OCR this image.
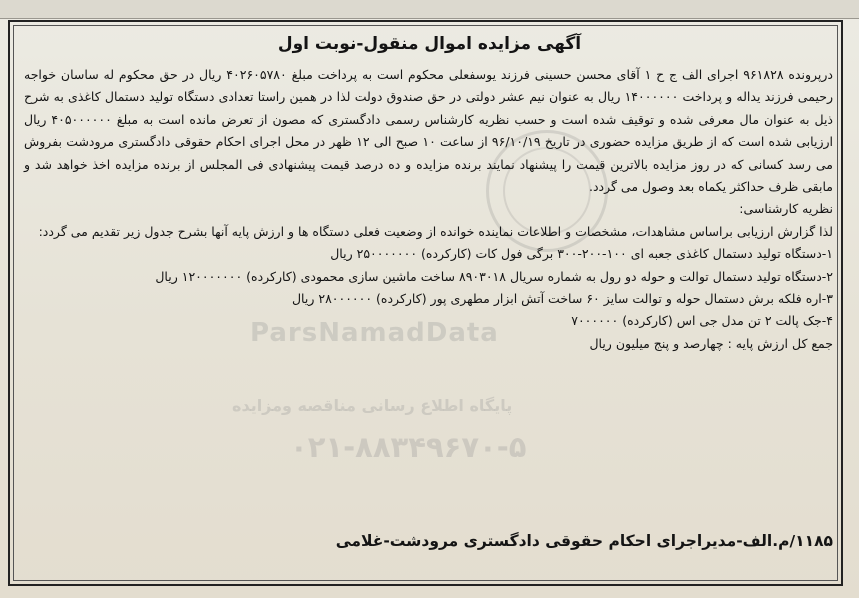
آگهی مزایده اموال منقول-نوبت اول

درپرونده ۹۶۱۸۲۸ اجرای الف ج ح ۱ آقای محسن حسینی فرزند یوسفعلی محکوم است به پرداخت مبلغ ۴۰۲۶۰۵۷۸۰ ریال در حق محکوم له ساسان خواجه رحیمی فرزند یداله و پرداخت ۱۴۰۰۰۰۰۰ ریال به عنوان نیم عشر دولتی در حق صندوق دولت لذا در همین راستا تعدادی دستگاه تولید دستمال کاغذی به شرح ذیل به عنوان مال معرفی شده و توقیف شده است و حسب نظریه کارشناس رسمی دادگستری که مصون از تعرض مانده است به مبلغ ۴۰۵۰۰۰۰۰۰ ریال ارزیابی شده است که از طریق مزایده حضوری در تاریخ ۹۶/۱۰/۱۹ از ساعت ۱۰ صبح الی ۱۲ ظهر در محل اجرای احکام حقوقی دادگستری مرودشت بفروش می رسد کسانی که در روز مزایده بالاترین قیمت را پیشنهاد نمایند برنده مزایده و ده درصد قیمت پیشنهادی فی المجلس از برنده مزایده اخذ خواهد شد و مابقی ظرف حداکثر یکماه بعد وصول می گردد.

نظریه کارشناسی:

لذا گزارش ارزیابی براساس مشاهدات، مشخصات و اطلاعات نماینده خوانده از وضعیت فعلی دستگاه ها و ارزش پایه آنها بشرح جدول زیر تقدیم می گردد:

۱-دستگاه تولید دستمال کاغذی جعبه ای ۱۰۰-۲۰۰-۳۰۰ برگی فول کات (کارکرده) ۲۵۰۰۰۰۰۰۰ ریال

۲-دستگاه تولید دستمال توالت و حوله دو رول به شماره سریال ۸۹۰۳۰۱۸ ساخت ماشین سازی محمودی (کارکرده) ۱۲۰۰۰۰۰۰۰ ریال

۳-اره فلکه برش دستمال حوله و توالت سایز ۶۰ ساخت آتش ابزار مطهری پور (کارکرده) ۲۸۰۰۰۰۰۰ ریال

۴-جک پالت ۲ تن مدل جی اس (کارکرده) ۷۰۰۰۰۰۰

جمع کل ارزش پایه : چهارصد و پنج میلیون ریال

۱۱۸۵/م.الف-مدیراجرای احکام حقوقی دادگستری مرودشت-غلامی

ParsNamadData
پایگاه اطلاع رسانی مناقصه ومزایده
۰۲۱-۸۸۳۴۹۶۷۰-۵
